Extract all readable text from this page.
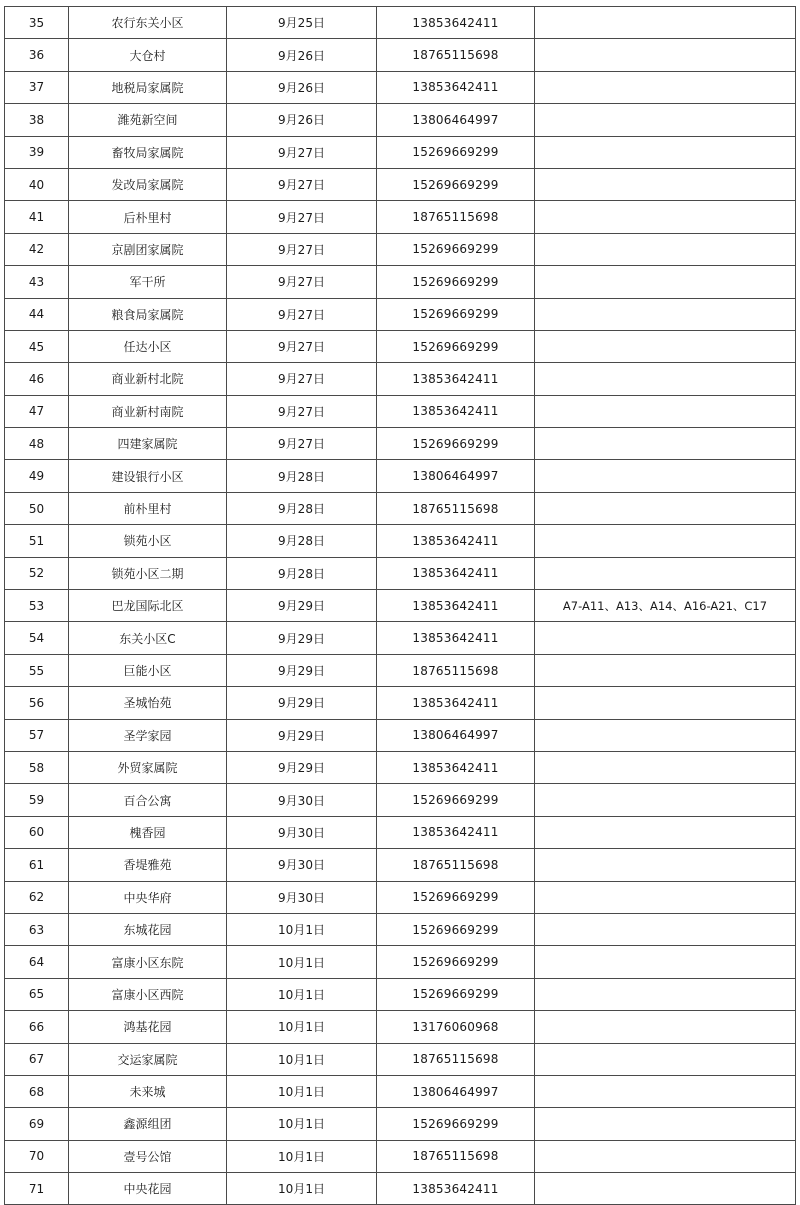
35	农行东关小区	9月25日	13853642411	
36	大仓村	9月26日	18765115698	
37	地税局家属院	9月26日	13853642411	
38	潍苑新空间	9月26日	13806464997	
39	畜牧局家属院	9月27日	15269669299	
40	发改局家属院	9月27日	15269669299	
41	后朴里村	9月27日	18765115698	
42	京剧团家属院	9月27日	15269669299	
43	军干所	9月27日	15269669299	
44	粮食局家属院	9月27日	15269669299	
45	任达小区	9月27日	15269669299	
46	商业新村北院	9月27日	13853642411	
47	商业新村南院	9月27日	13853642411	
48	四建家属院	9月27日	15269669299	
49	建设银行小区	9月28日	13806464997	
50	前朴里村	9月28日	18765115698	
51	锁苑小区	9月28日	13853642411	
52	锁苑小区二期	9月28日	13853642411	
53	巴龙国际北区	9月29日	13853642411	A7-A11、A13、A14、A16-A21、C17
54	东关小区C	9月29日	13853642411	
55	巨能小区	9月29日	18765115698	
56	圣城怡苑	9月29日	13853642411	
57	圣学家园	9月29日	13806464997	
58	外贸家属院	9月29日	13853642411	
59	百合公寓	9月30日	15269669299	
60	槐香园	9月30日	13853642411	
61	香堤雅苑	9月30日	18765115698	
62	中央华府	9月30日	15269669299	
63	东城花园	10月1日	15269669299	
64	富康小区东院	10月1日	15269669299	
65	富康小区西院	10月1日	15269669299	
66	鸿基花园	10月1日	13176060968	
67	交运家属院	10月1日	18765115698	
68	未来城	10月1日	13806464997	
69	鑫源组团	10月1日	15269669299	
70	壹号公馆	10月1日	18765115698	
71	中央花园	10月1日	13853642411	
